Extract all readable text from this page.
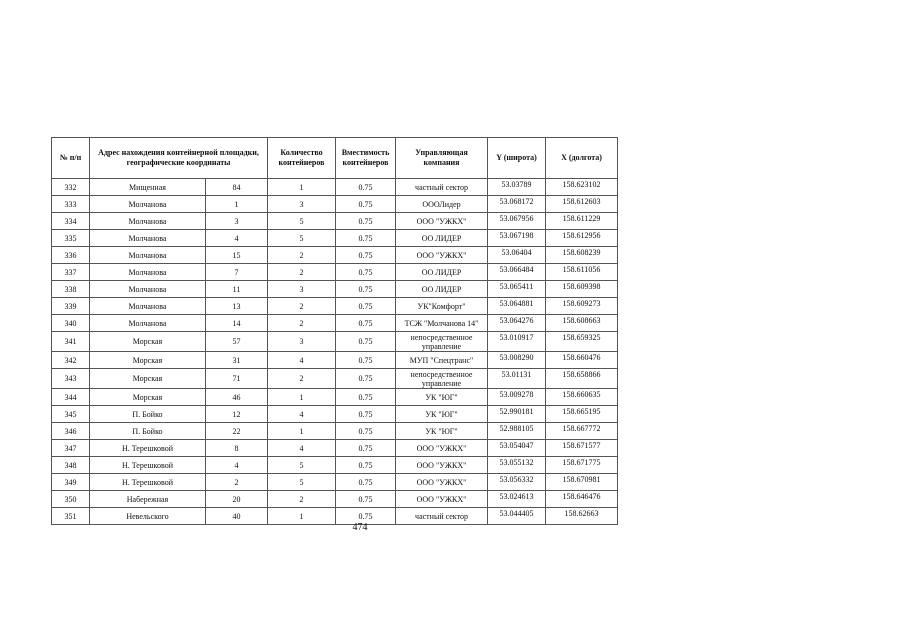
№ п/п	Адрес нахождения контейнерной площадки, географические координаты		Количество контейнеров	Вместимость контейнеров	Управляющая компания	Y (широта)	X (долгота)
332	Мищенная	84	1	0.75	частный сектор	53.03789	158.623102
333	Молчанова	1	3	0.75	ОООЛидер	53.068172	158.612603
334	Молчанова	3	5	0.75	ООО "УЖКХ"	53.067956	158.611229
335	Молчанова	4	5	0.75	ОО ЛИДЕР	53.067198	158.612956
336	Молчанова	15	2	0.75	ООО "УЖКХ"	53.06404	158.608239
337	Молчанова	7	2	0.75	ОО ЛИДЕР	53.066484	158.611056
338	Молчанова	11	3	0.75	ОО ЛИДЕР	53.065411	158.609398
339	Молчанова	13	2	0.75	УК"Комфорт"	53.064881	158.609273
340	Молчанова	14	2	0.75	ТСЖ "Молчанова 14"	53.064276	158.608663
341	Морская	57	3	0.75	непосредственное управление	53.010917	158.659325
342	Морская	31	4	0.75	МУП "Спецтранс"	53.008290	158.660476
343	Морская	71	2	0.75	непосредственное управление	53.01131	158.658866
344	Морская	46	1	0.75	УК "ЮГ"	53.009278	158.660635
345	П. Бойко	12	4	0.75	УК "ЮГ"	52.990181	158.665195
346	П. Бойко	22	1	0.75	УК "ЮГ"	52.988105	158.667772
347	Н. Терешковой	8	4	0.75	ООО "УЖКХ"	53.054047	158.671577
348	Н. Терешковой	4	5	0.75	ООО "УЖКХ"	53.055132	158.671775
349	Н. Терешковой	2	5	0.75	ООО "УЖКХ"	53.056332	158.670981
350	Набережная	20	2	0.75	ООО "УЖКХ"	53.024613	158.646476
351	Невельского	40	1	0.75	частный сектор	53.044405	158.62663
474
